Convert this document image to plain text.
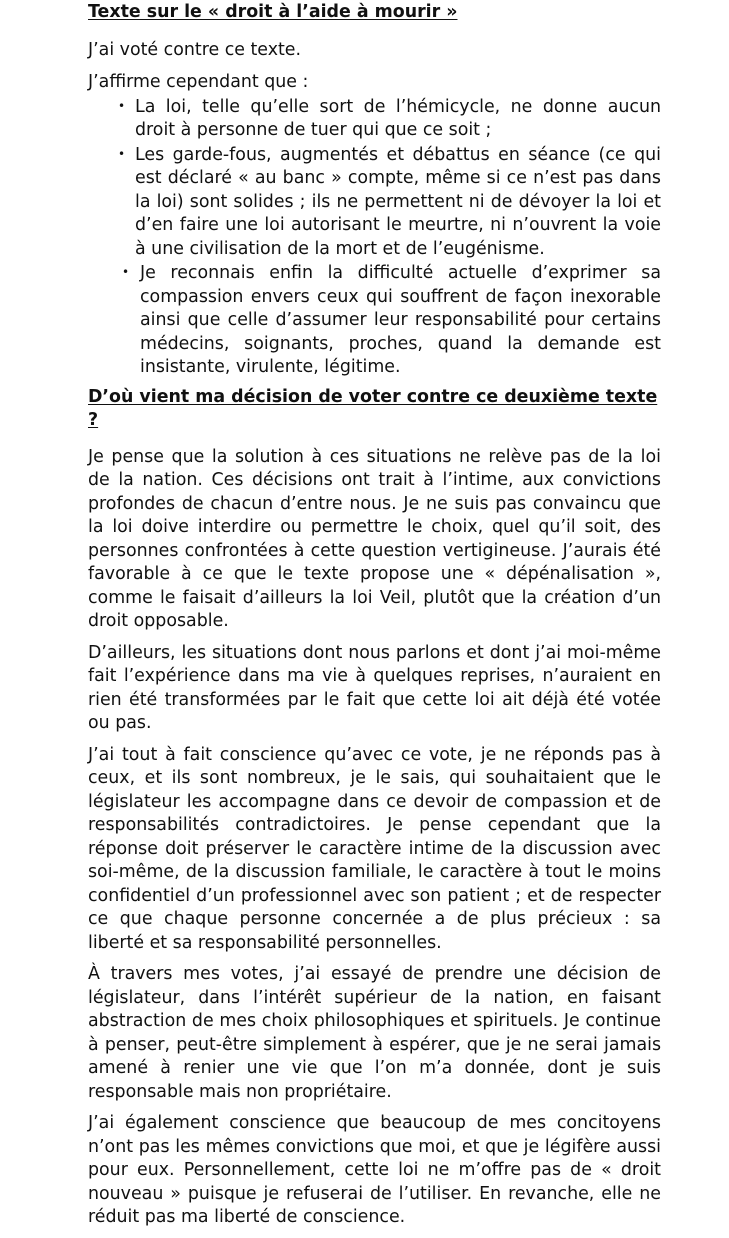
Texte sur le « droit à l’aide à mourir »

J’ai voté contre ce texte.

J’affirme cependant que :

• La loi, telle qu’elle sort de l’hémicycle, ne donne aucun droit à personne de tuer qui que ce soit ;
• Les garde-fous, augmentés et débattus en séance (ce qui est déclaré « au banc » compte, même si ce n’est pas dans la loi) sont solides ; ils ne permettent ni de dévoyer la loi et d’en faire une loi autorisant le meurtre, ni n’ouvrent la voie à une civilisation de la mort et de l’eugénisme.
• Je reconnais enfin la difficulté actuelle d’exprimer sa compassion envers ceux qui souffrent de façon inexorable ainsi que celle d’assumer leur responsabilité pour certains médecins, soignants, proches, quand la demande est insistante, virulente, légitime.

D’où vient ma décision de voter contre ce deuxième texte ?

Je pense que la solution à ces situations ne relève pas de la loi de la nation. Ces décisions ont trait à l’intime, aux convictions profondes de chacun d’entre nous. Je ne suis pas convaincu que la loi doive interdire ou permettre le choix, quel qu’il soit, des personnes confrontées à cette question vertigineuse. J’aurais été favorable à ce que le texte propose une « dépénalisation », comme le faisait d’ailleurs la loi Veil, plutôt que la création d’un droit opposable.

D’ailleurs, les situations dont nous parlons et dont j’ai moi-même fait l’expérience dans ma vie à quelques reprises, n’auraient en rien été transformées par le fait que cette loi ait déjà été votée ou pas.

J’ai tout à fait conscience qu’avec ce vote, je ne réponds pas à ceux, et ils sont nombreux, je le sais, qui souhaitaient que le législateur les accompagne dans ce devoir de compassion et de responsabilités contradictoires. Je pense cependant que la réponse doit préserver le caractère intime de la discussion avec soi-même, de la discussion familiale, le caractère à tout le moins confidentiel d’un professionnel avec son patient ; et de respecter ce que chaque personne concernée a de plus précieux : sa liberté et sa responsabilité personnelles.

À travers mes votes, j’ai essayé de prendre une décision de législateur, dans l’intérêt supérieur de la nation, en faisant abstraction de mes choix philosophiques et spirituels. Je continue à penser, peut-être simplement à espérer, que je ne serai jamais amené à renier une vie que l’on m’a donnée, dont je suis responsable mais non propriétaire.

J’ai également conscience que beaucoup de mes concitoyens n’ont pas les mêmes convictions que moi, et que je légifère aussi pour eux. Personnellement, cette loi ne m’offre pas de « droit nouveau » puisque je refuserai de l’utiliser. En revanche, elle ne réduit pas ma liberté de conscience.
